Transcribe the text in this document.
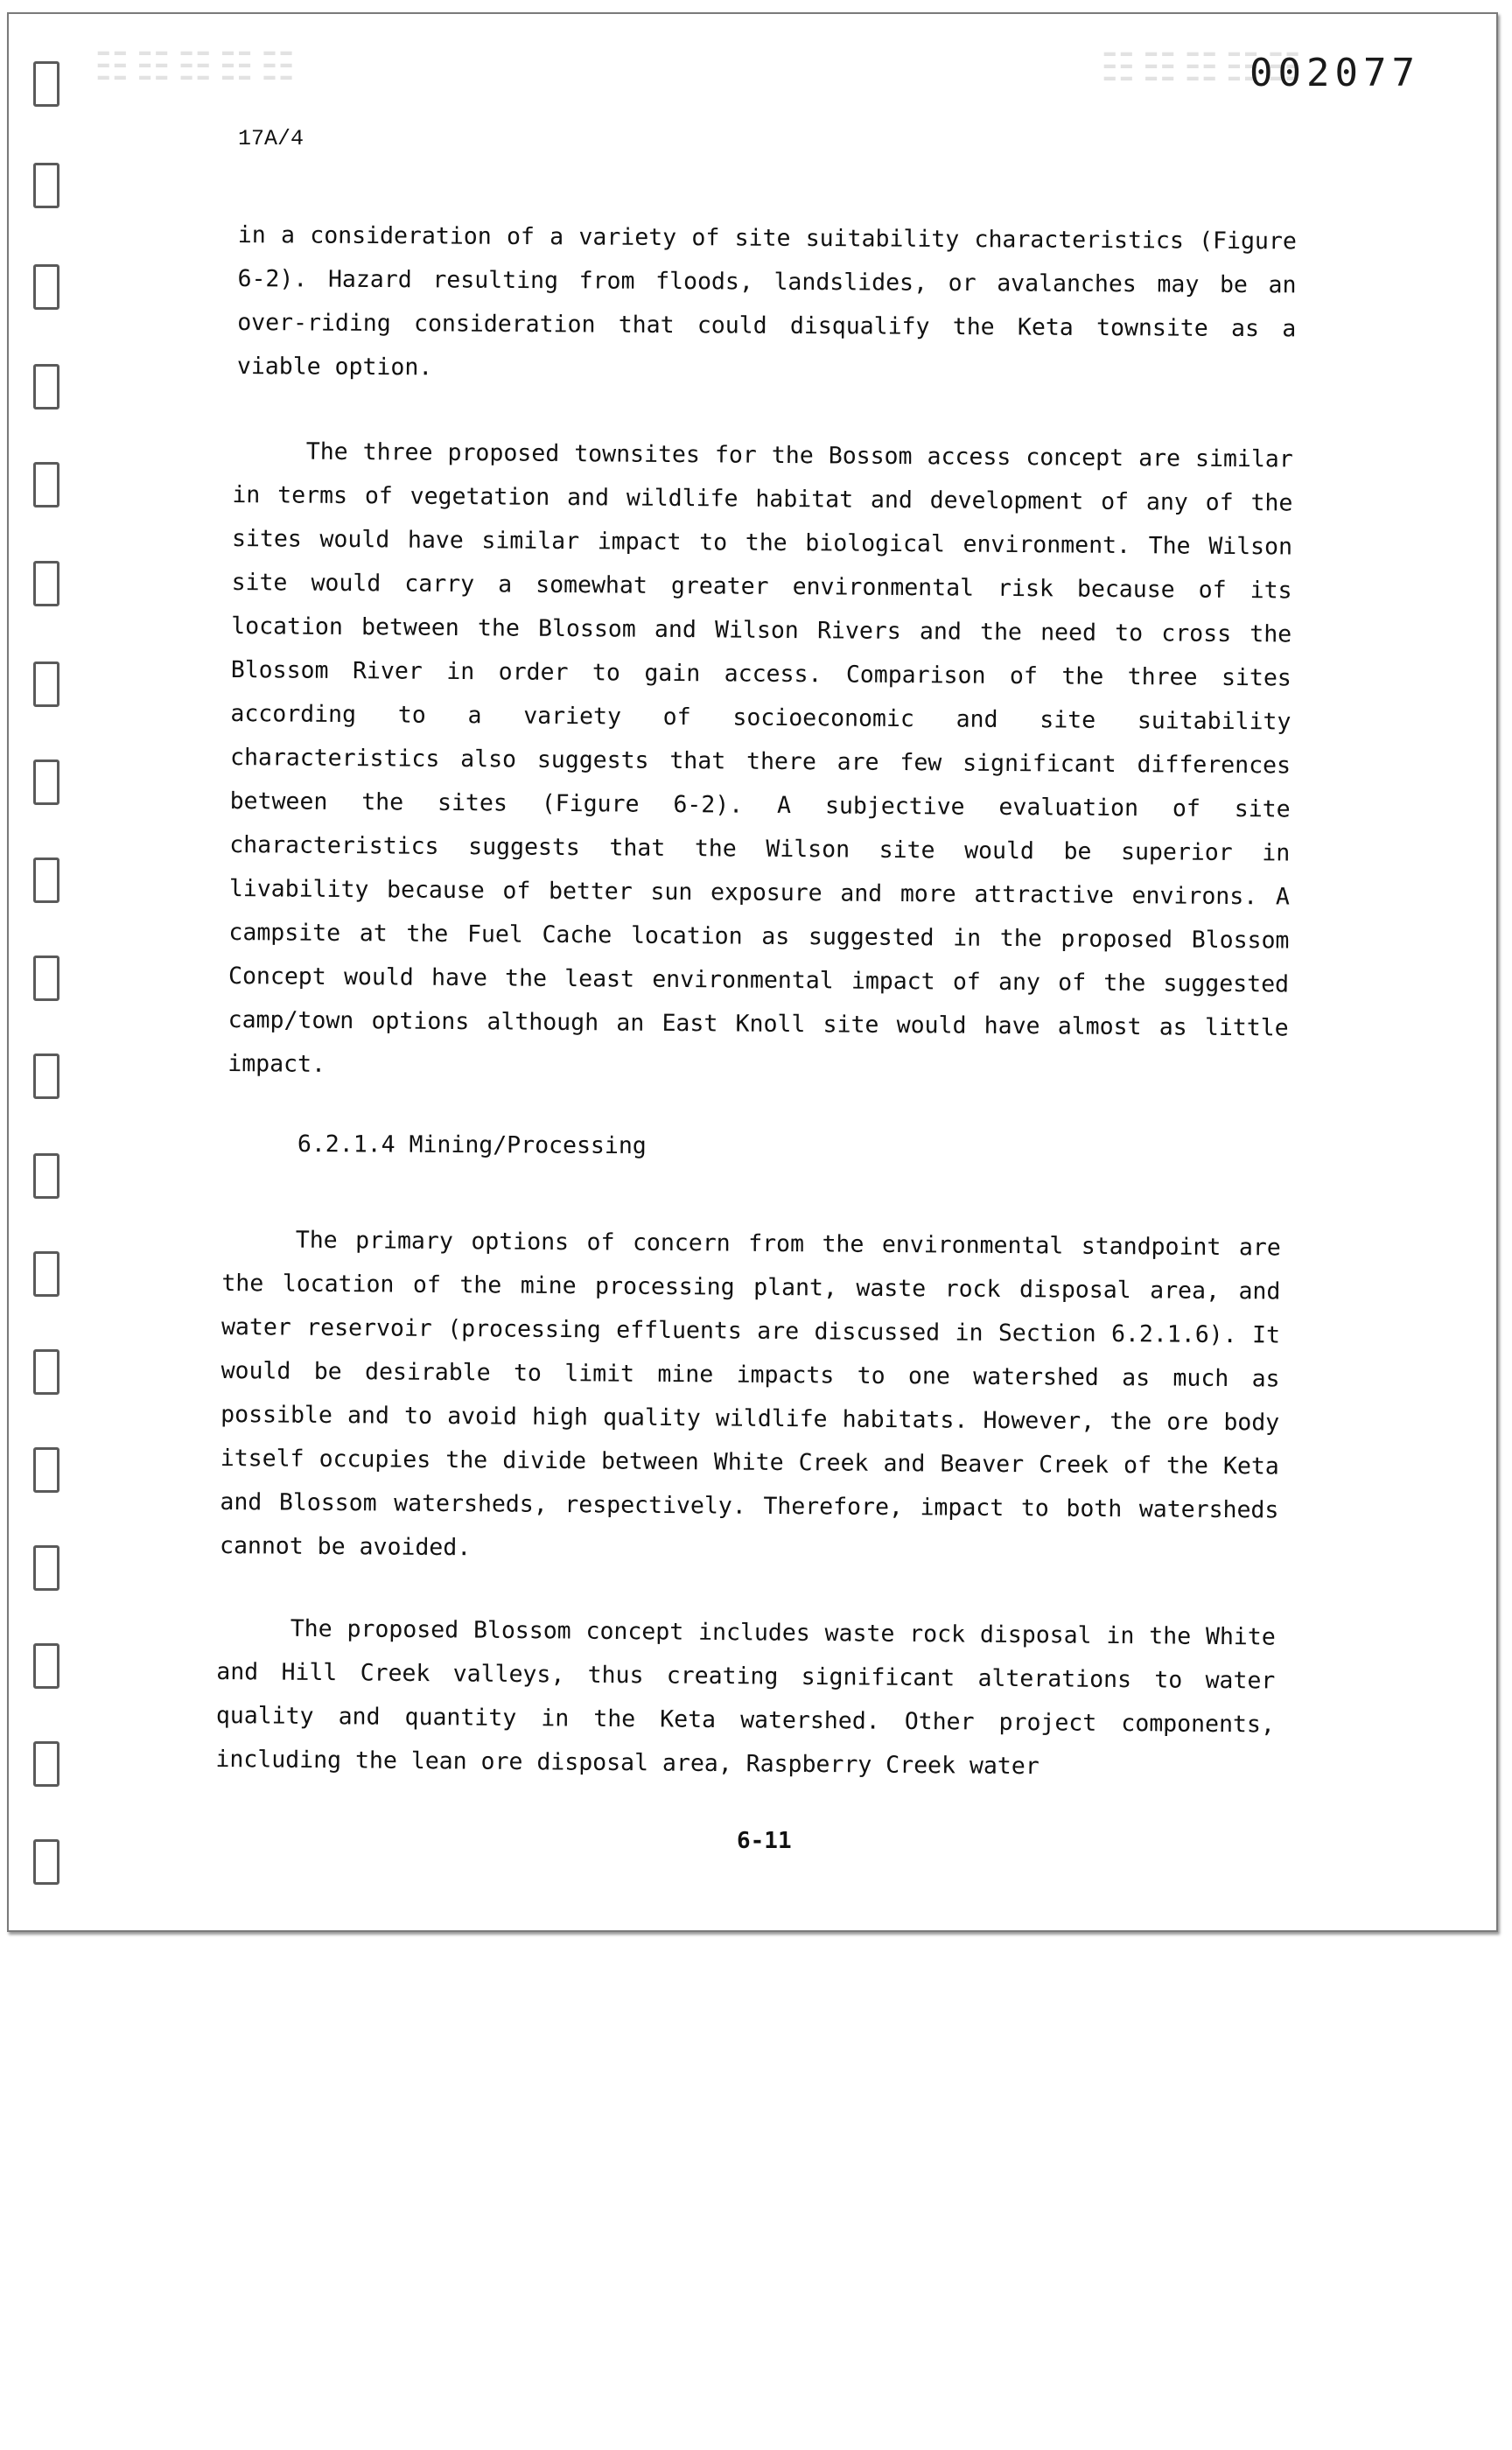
☷☷☷☷☷	☷☷☷☷☷
002077
17A/4

in a consideration of a variety of site suitability characteristics (Figure 6-2). Hazard resulting from floods, landslides, or avalanches may be an over-riding consideration that could disqualify the Keta townsite as a viable option.

The three proposed townsites for the Bossom access concept are similar in terms of vegetation and wildlife habitat and development of any of the sites would have similar impact to the biological environment. The Wilson site would carry a somewhat greater environmental risk because of its location between the Blossom and Wilson Rivers and the need to cross the Blossom River in order to gain access. Comparison of the three sites according to a variety of socioeconomic and site suitability characteristics also suggests that there are few significant differences between the sites (Figure 6-2). A subjective evaluation of site characteristics suggests that the Wilson site would be superior in livability because of better sun exposure and more attractive environs. A campsite at the Fuel Cache location as suggested in the proposed Blossom Concept would have the least environmental impact of any of the suggested camp/town options although an East Knoll site would have almost as little impact.

6.2.1.4 Mining/Processing

The primary options of concern from the environmental standpoint are the location of the mine processing plant, waste rock disposal area, and water reservoir (processing effluents are discussed in Section 6.2.1.6). It would be desirable to limit mine impacts to one watershed as much as possible and to avoid high quality wildlife habitats. However, the ore body itself occupies the divide between White Creek and Beaver Creek of the Keta and Blossom watersheds, respectively. Therefore, impact to both watersheds cannot be avoided.

The proposed Blossom concept includes waste rock disposal in the White and Hill Creek valleys, thus creating significant alterations to water quality and quantity in the Keta watershed. Other project components, including the lean ore disposal area, Raspberry Creek water

6-11
